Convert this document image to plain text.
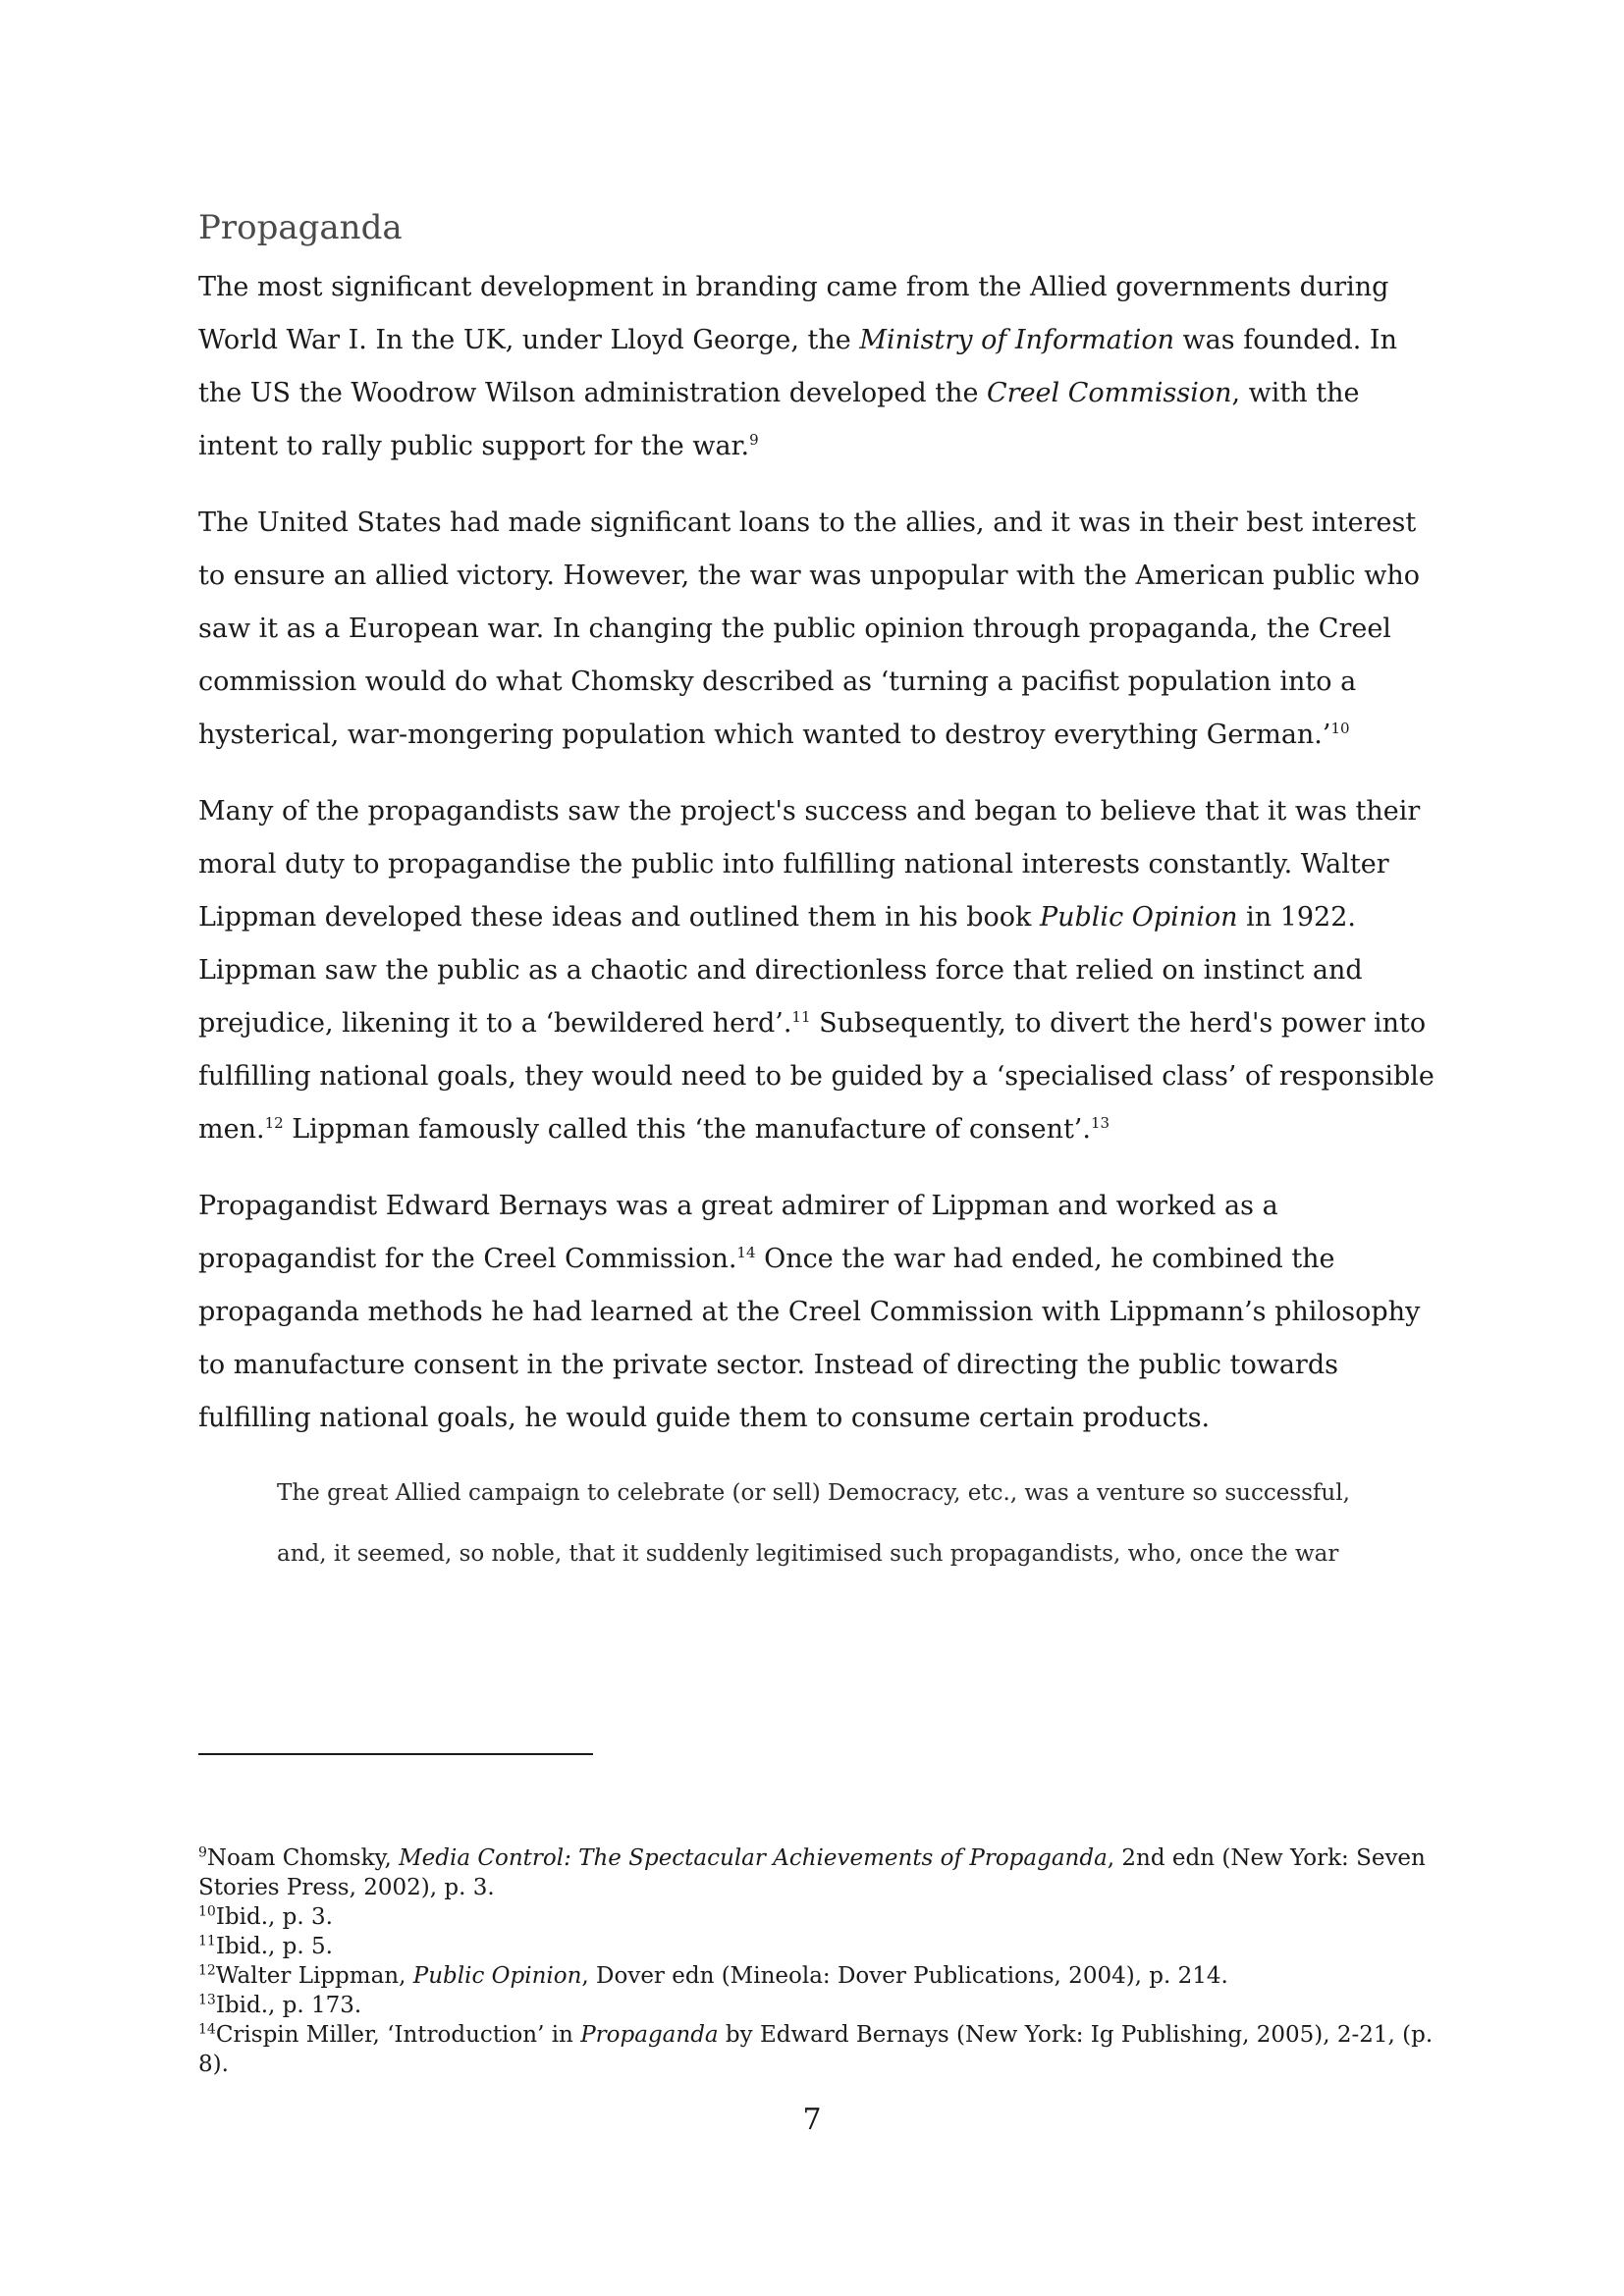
Propaganda

The most significant development in branding came from the Allied governments during World War I. In the UK, under Lloyd George, the Ministry of Information was founded. In the US the Woodrow Wilson administration developed the Creel Commission, with the intent to rally public support for the war.$^9$

The United States had made significant loans to the allies, and it was in their best interest to ensure an allied victory. However, the war was unpopular with the American public who saw it as a European war. In changing the public opinion through propaganda, the Creel commission would do what Chomsky described as ‘turning a pacifist population into a hysterical, war-mongering population which wanted to destroy everything German.’$^{10}$

Many of the propagandists saw the project's success and began to believe that it was their moral duty to propagandise the public into fulfilling national interests constantly. Walter Lippman developed these ideas and outlined them in his book Public Opinion in 1922. Lippman saw the public as a chaotic and directionless force that relied on instinct and prejudice, likening it to a ‘bewildered herd’.$^{11}$ Subsequently, to divert the herd's power into fulfilling national goals, they would need to be guided by a ‘specialised class’ of responsible men.$^{12}$ Lippman famously called this ‘the manufacture of consent’.$^{13}$

Propagandist Edward Bernays was a great admirer of Lippman and worked as a propagandist for the Creel Commission.$^{14}$ Once the war had ended, he combined the propaganda methods he had learned at the Creel Commission with Lippmann’s philosophy to manufacture consent in the private sector. Instead of directing the public towards fulfilling national goals, he would guide them to consume certain products.

The great Allied campaign to celebrate (or sell) Democracy, etc., was a venture so successful, and, it seemed, so noble, that it suddenly legitimised such propagandists, who, once the war

$^9$Noam Chomsky, Media Control: The Spectacular Achievements of Propaganda, 2nd edn (New York: Seven Stories Press, 2002), p. 3.

$^{10}$Ibid., p. 3.

$^{11}$Ibid., p. 5.

$^{12}$Walter Lippman, Public Opinion, Dover edn (Mineola: Dover Publications, 2004), p. 214.

$^{13}$Ibid., p. 173.

$^{14}$Crispin Miller, ‘Introduction’ in Propaganda by Edward Bernays (New York: Ig Publishing, 2005), 2-21, (p. 8).

7
